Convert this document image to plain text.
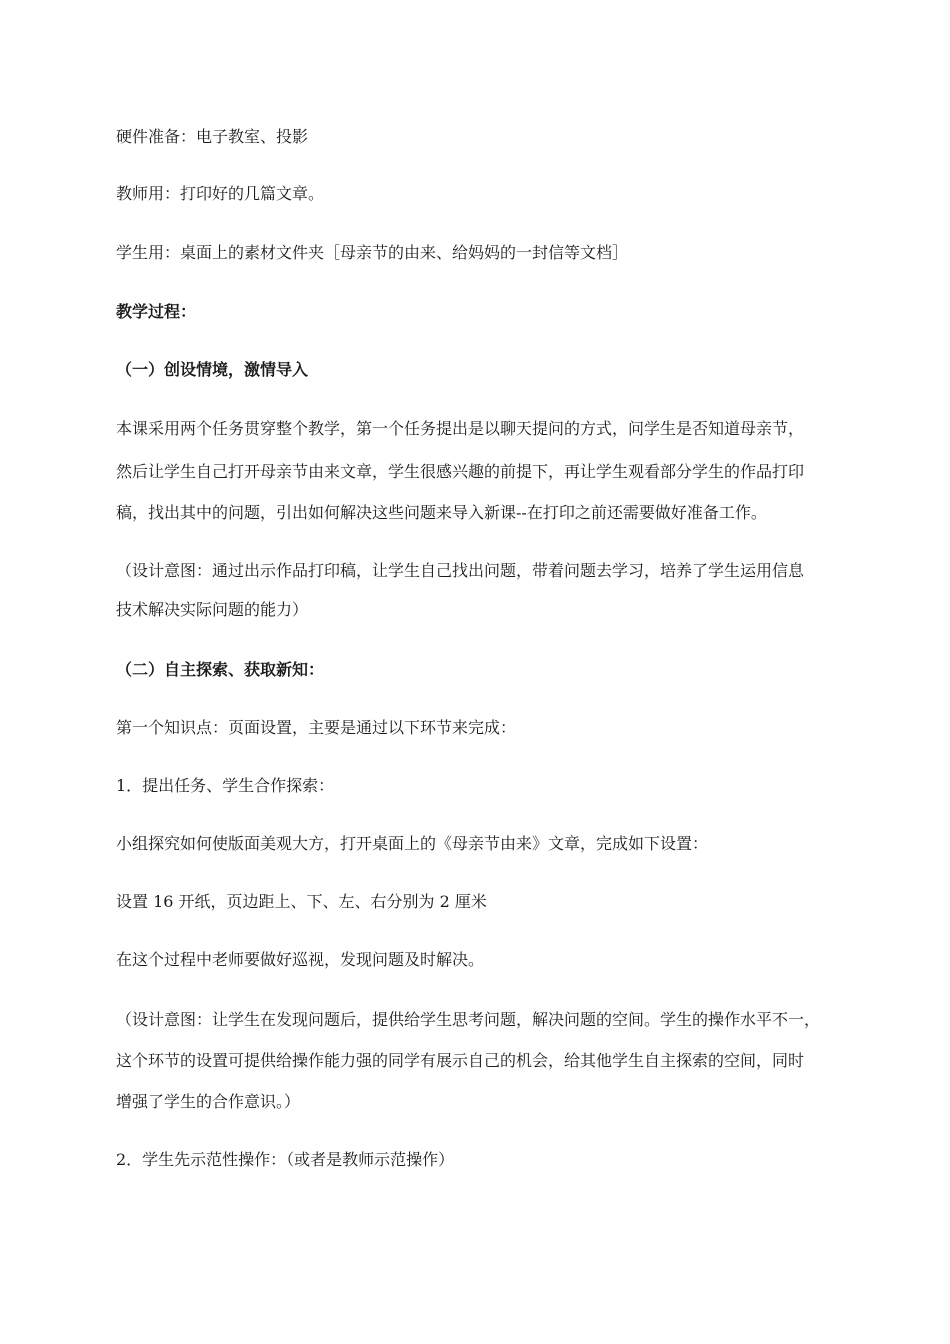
硬件准备：电子教室、投影
教师用：打印好的几篇文章。
学生用：桌面上的素材文件夹［母亲节的由来、给妈妈的一封信等文档］
教学过程：
（一）创设情境，激情导入
本课采用两个任务贯穿整个教学，第一个任务提出是以聊天提问的方式，问学生是否知道母亲节，
然后让学生自己打开母亲节由来文章，学生很感兴趣的前提下，再让学生观看部分学生的作品打印
稿，找出其中的问题，引出如何解决这些问题来导入新课--在打印之前还需要做好准备工作。
（设计意图：通过出示作品打印稿，让学生自己找出问题，带着问题去学习，培养了学生运用信息
技术解决实际问题的能力）
（二）自主探索、获取新知：
第一个知识点：页面设置，主要是通过以下环节来完成：
1．提出任务、学生合作探索：
小组探究如何使版面美观大方，打开桌面上的《母亲节由来》文章，完成如下设置：
设置 16 开纸，页边距上、下、左、右分别为 2 厘米
在这个过程中老师要做好巡视，发现问题及时解决。
（设计意图：让学生在发现问题后，提供给学生思考问题，解决问题的空间。学生的操作水平不一，
这个环节的设置可提供给操作能力强的同学有展示自己的机会，给其他学生自主探索的空间，同时
增强了学生的合作意识。）
2．学生先示范性操作：（或者是教师示范操作）
